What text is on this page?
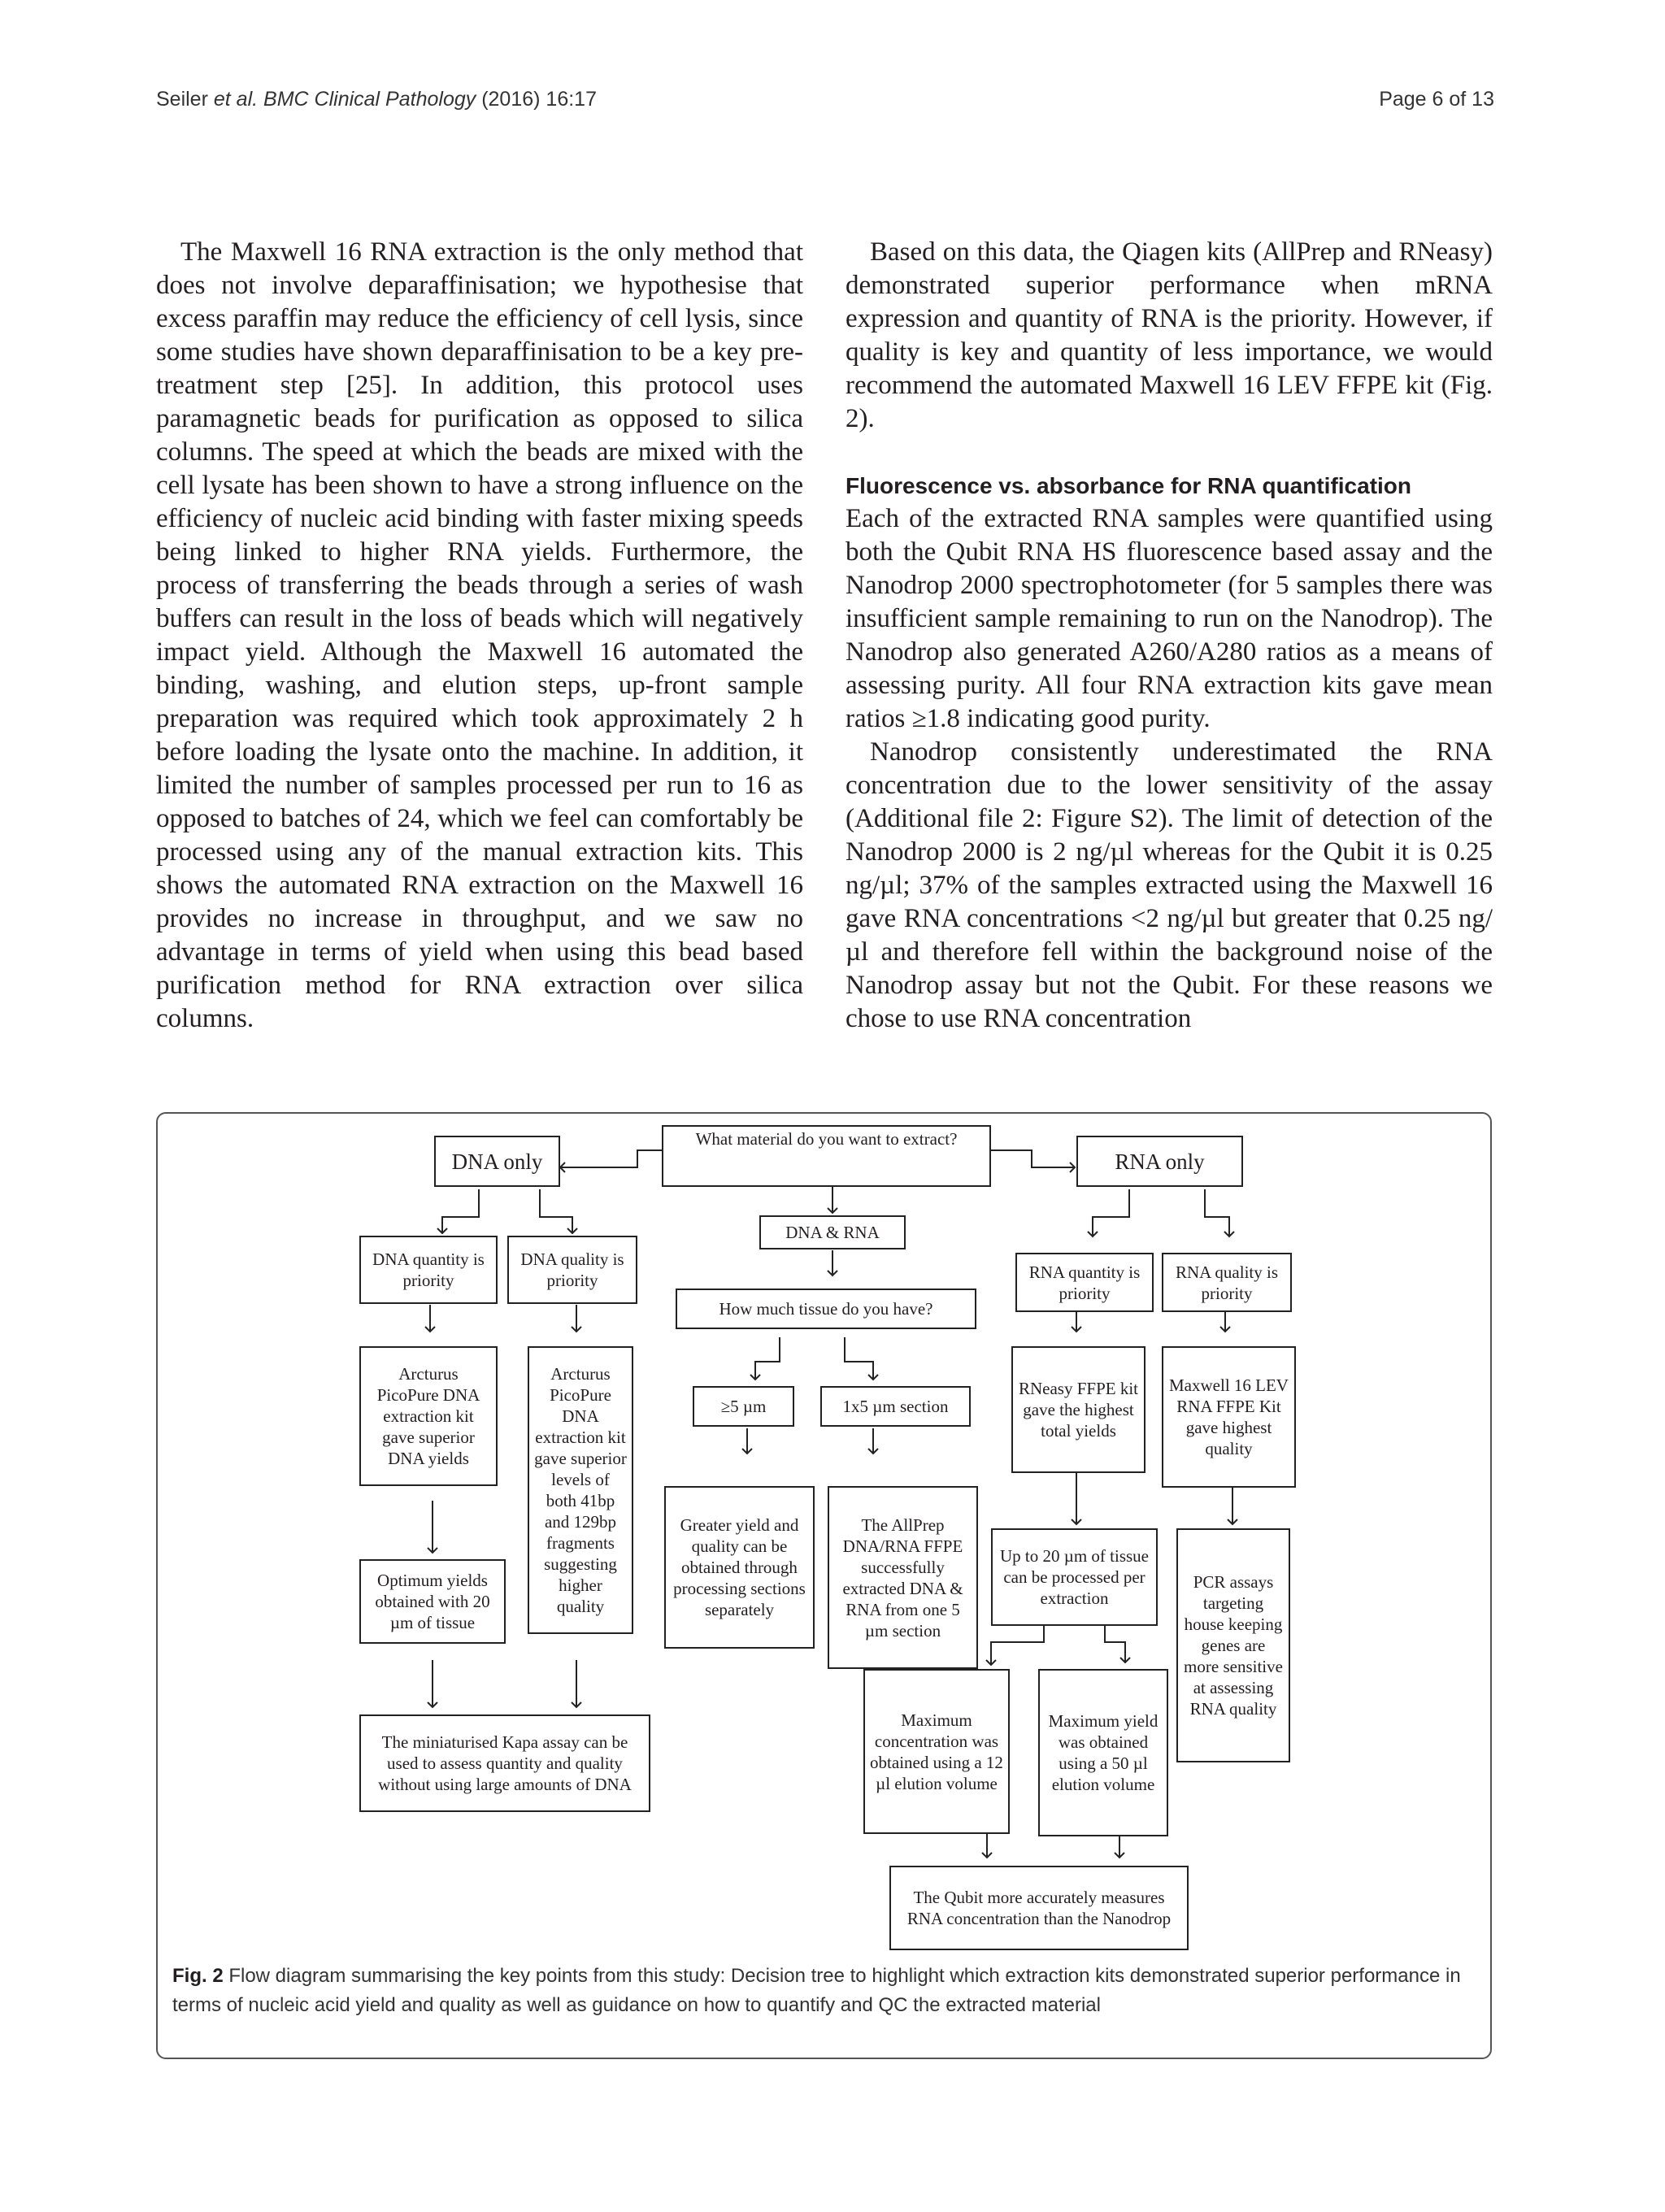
Seiler et al. BMC Clinical Pathology (2016) 16:17	Page 6 of 13

The Maxwell 16 RNA extraction is the only method that does not involve deparaffinisation; we hypothesise that excess paraffin may reduce the efficiency of cell lysis, since some studies have shown deparaffinisation to be a key pre-treatment step [25]. In addition, this protocol uses paramagnetic beads for purification as opposed to silica columns. The speed at which the beads are mixed with the cell lysate has been shown to have a strong influence on the efficiency of nucleic acid binding with faster mixing speeds being linked to higher RNA yields. Furthermore, the process of transferring the beads through a series of wash buffers can result in the loss of beads which will negatively impact yield. Although the Maxwell 16 automated the binding, washing, and elution steps, up-front sample preparation was required which took approximately 2 h before loading the lysate onto the machine. In addition, it limited the number of samples processed per run to 16 as opposed to batches of 24, which we feel can comfortably be processed using any of the manual extraction kits. This shows the automated RNA extraction on the Maxwell 16 provides no increase in throughput, and we saw no advantage in terms of yield when using this bead based purification method for RNA extraction over silica columns.

Based on this data, the Qiagen kits (AllPrep and RNeasy) demonstrated superior performance when mRNA expression and quantity of RNA is the priority. However, if quality is key and quantity of less importance, we would recommend the automated Maxwell 16 LEV FFPE kit (Fig. 2).

Fluorescence vs. absorbance for RNA quantification

Each of the extracted RNA samples were quantified using both the Qubit RNA HS fluorescence based assay and the Nanodrop 2000 spectrophotometer (for 5 samples there was insufficient sample remaining to run on the Nanodrop). The Nanodrop also generated A260/A280 ratios as a means of assessing purity. All four RNA extraction kits gave mean ratios ≥1.8 indicating good purity.

Nanodrop consistently underestimated the RNA concentration due to the lower sensitivity of the assay (Additional file 2: Figure S2). The limit of detection of the Nanodrop 2000 is 2 ng/µl whereas for the Qubit it is 0.25 ng/µl; 37% of the samples extracted using the Maxwell 16 gave RNA concentrations <2 ng/µl but greater that 0.25 ng/µl and therefore fell within the background noise of the Nanodrop assay but not the Qubit. For these reasons we chose to use RNA concentration

DNA only
What material do you want to extract?
RNA only
DNA quantity is priority
DNA quality is priority
DNA & RNA
RNA quantity is priority
RNA quality is priority
How much tissue do you have?
Arcturus PicoPure DNA extraction kit gave superior DNA yields
Arcturus PicoPure DNA extraction kit gave superior levels of both 41bp and 129bp fragments suggesting higher quality
≥5 µm	1x5 µm section
RNeasy FFPE kit gave the highest total yields
Maxwell 16 LEV RNA FFPE Kit gave highest quality
Greater yield and quality can be obtained through processing sections separately
The AllPrep DNA/RNA FFPE successfully extracted DNA & RNA from one 5 µm section
Optimum yields obtained with 20 µm of tissue
Up to 20 µm of tissue can be processed per extraction
PCR assays targeting house keeping genes are more sensitive at assessing RNA quality
The miniaturised Kapa assay can be used to assess quantity and quality without using large amounts of DNA
Maximum concentration was obtained using a 12 µl elution volume
Maximum yield was obtained using a 50 µl elution volume
The Qubit more accurately measures RNA concentration than the Nanodrop
Fig. 2 Flow diagram summarising the key points from this study: Decision tree to highlight which extraction kits demonstrated superior performance in terms of nucleic acid yield and quality as well as guidance on how to quantify and QC the extracted material
